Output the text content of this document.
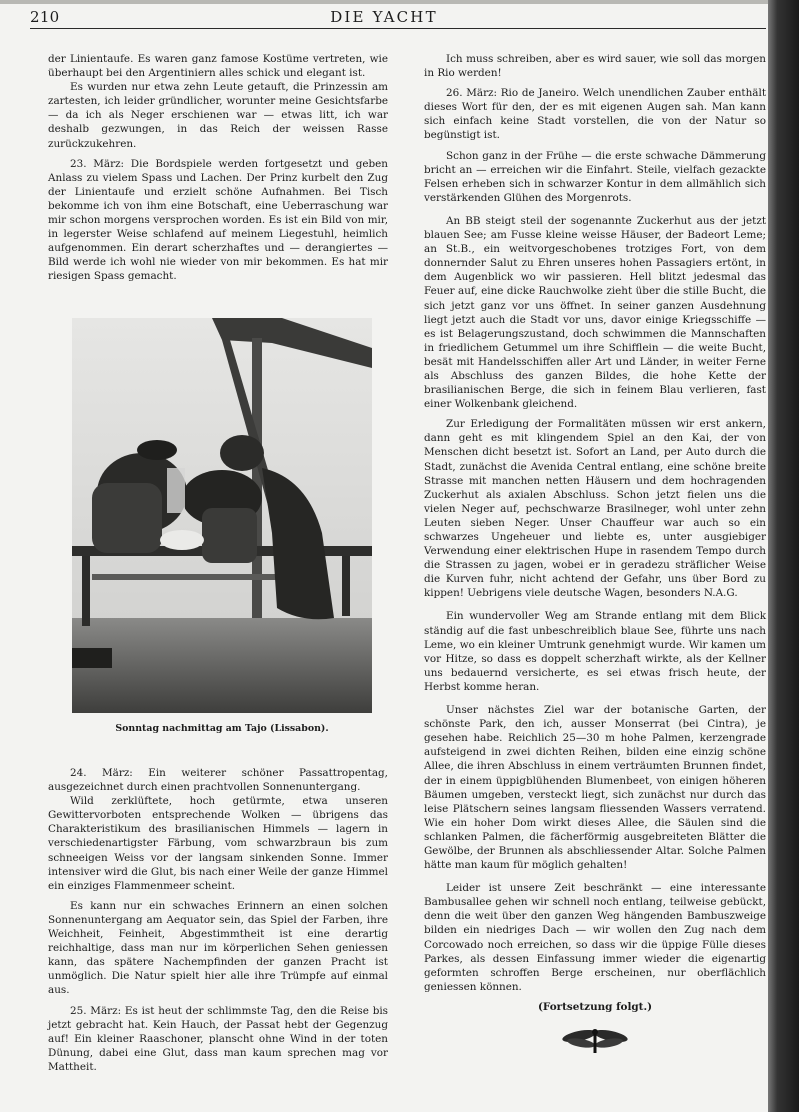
210	DIE YACHT

der Linientaufe. Es waren ganz famose Kostüme vertreten, wie überhaupt bei den Argentiniern alles schick und elegant ist.

Es wurden nur etwa zehn Leute getauft, die Prinzessin am zartesten, ich leider gründlicher, worunter meine Gesichtsfarbe — da ich als Neger erschienen war — etwas litt, ich war deshalb gezwungen, in das Reich der weissen Rasse zurückzukehren.

23. März: Die Bordspiele werden fortgesetzt und geben Anlass zu vielem Spass und Lachen. Der Prinz kurbelt den Zug der Linientaufe und erzielt schöne Aufnahmen. Bei Tisch bekomme ich von ihm eine Botschaft, eine Ueberraschung war mir schon morgens versprochen worden. Es ist ein Bild von mir, in legerster Weise schlafend auf meinem Liegestuhl, heimlich aufgenommen. Ein derart scherzhaftes und — derangiertes — Bild werde ich wohl nie wieder von mir bekommen. Es hat mir riesigen Spass gemacht.

Sonntag nachmittag am Tajo (Lissabon).

24. März: Ein weiterer schöner Passattropentag, ausgezeichnet durch einen prachtvollen Sonnenuntergang.

Wild zerklüftete, hoch getürmte, etwa unseren Gewittervorboten entsprechende Wolken — übrigens das Charakteristikum des brasilianischen Himmels — lagern in verschiedenartigster Färbung, vom schwarzbraun bis zum schneeigen Weiss vor der langsam sinkenden Sonne. Immer intensiver wird die Glut, bis nach einer Weile der ganze Himmel ein einziges Flammenmeer scheint.

Es kann nur ein schwaches Erinnern an einen solchen Sonnenuntergang am Aequator sein, das Spiel der Farben, ihre Weichheit, Feinheit, Abgestimmtheit ist eine derartig reichhaltige, dass man nur im körperlichen Sehen geniessen kann, das spätere Nachempfinden der ganzen Pracht ist unmöglich. Die Natur spielt hier alle ihre Trümpfe auf einmal aus.

25. März: Es ist heut der schlimmste Tag, den die Reise bis jetzt gebracht hat. Kein Hauch, der Passat hebt der Gegenzug auf! Ein kleiner Raaschoner, planscht ohne Wind in der toten Dünung, dabei eine Glut, dass man kaum sprechen mag vor Mattheit.

Ich muss schreiben, aber es wird sauer, wie soll das morgen in Rio werden!

26. März: Rio de Janeiro. Welch unendlichen Zauber enthält dieses Wort für den, der es mit eigenen Augen sah. Man kann sich einfach keine Stadt vorstellen, die von der Natur so begünstigt ist.

Schon ganz in der Frühe — die erste schwache Dämmerung bricht an — erreichen wir die Einfahrt. Steile, vielfach gezackte Felsen erheben sich in schwarzer Kontur in dem allmählich sich verstärkenden Glühen des Morgenrots.

An BB steigt steil der sogenannte Zuckerhut aus der jetzt blauen See; am Fusse kleine weisse Häuser, der Badeort Leme; an St.B., ein weitvorgeschobenes trotziges Fort, von dem donnernder Salut zu Ehren unseres hohen Passagiers ertönt, in dem Augenblick wo wir passieren. Hell blitzt jedesmal das Feuer auf, eine dicke Rauchwolke zieht über die stille Bucht, die sich jetzt ganz vor uns öffnet. In seiner ganzen Ausdehnung liegt jetzt auch die Stadt vor uns, davor einige Kriegsschiffe — es ist Belagerungszustand, doch schwimmen die Mannschaften in friedlichem Getummel um ihre Schifflein — die weite Bucht, besät mit Handelsschiffen aller Art und Länder, in weiter Ferne als Abschluss des ganzen Bildes, die hohe Kette der brasilianischen Berge, die sich in feinem Blau verlieren, fast einer Wolkenbank gleichend.

Zur Erledigung der Formalitäten müssen wir erst ankern, dann geht es mit klingendem Spiel an den Kai, der von Menschen dicht besetzt ist. Sofort an Land, per Auto durch die Stadt, zunächst die Avenida Central entlang, eine schöne breite Strasse mit manchen netten Häusern und dem hochragenden Zuckerhut als axialen Abschluss. Schon jetzt fielen uns die vielen Neger auf, pechschwarze Brasilneger, wohl unter zehn Leuten sieben Neger. Unser Chauffeur war auch so ein schwarzes Ungeheuer und liebte es, unter ausgiebiger Verwendung einer elektrischen Hupe in rasendem Tempo durch die Strassen zu jagen, wobei er in geradezu sträflicher Weise die Kurven fuhr, nicht achtend der Gefahr, uns über Bord zu kippen! Uebrigens viele deutsche Wagen, besonders N.A.G.

Ein wundervoller Weg am Strande entlang mit dem Blick ständig auf die fast unbeschreiblich blaue See, führte uns nach Leme, wo ein kleiner Umtrunk genehmigt wurde. Wir kamen um vor Hitze, so dass es doppelt scherzhaft wirkte, als der Kellner uns bedauernd versicherte, es sei etwas frisch heute, der Herbst komme heran.

Unser nächstes Ziel war der botanische Garten, der schönste Park, den ich, ausser Monserrat (bei Cintra), je gesehen habe. Reichlich 25—30 m hohe Palmen, kerzengrade aufsteigend in zwei dichten Reihen, bilden eine einzig schöne Allee, die ihren Abschluss in einem verträumten Brunnen findet, der in einem üppigblühenden Blumenbeet, von einigen höheren Bäumen umgeben, versteckt liegt, sich zunächst nur durch das leise Plätschern seines langsam fliessenden Wassers verratend. Wie ein hoher Dom wirkt dieses Allee, die Säulen sind die schlanken Palmen, die fächerförmig ausgebreiteten Blätter die Gewölbe, der Brunnen als abschliessender Altar. Solche Palmen hätte man kaum für möglich gehalten!

Leider ist unsere Zeit beschränkt — eine interessante Bambusallee gehen wir schnell noch entlang, teilweise gebückt, denn die weit über den ganzen Weg hängenden Bambuszweige bilden ein niedriges Dach — wir wollen den Zug nach dem Corcowado noch erreichen, so dass wir die üppige Fülle dieses Parkes, als dessen Einfassung immer wieder die eigenartig geformten schroffen Berge erscheinen, nur oberflächlich geniessen können.

(Fortsetzung folgt.)
